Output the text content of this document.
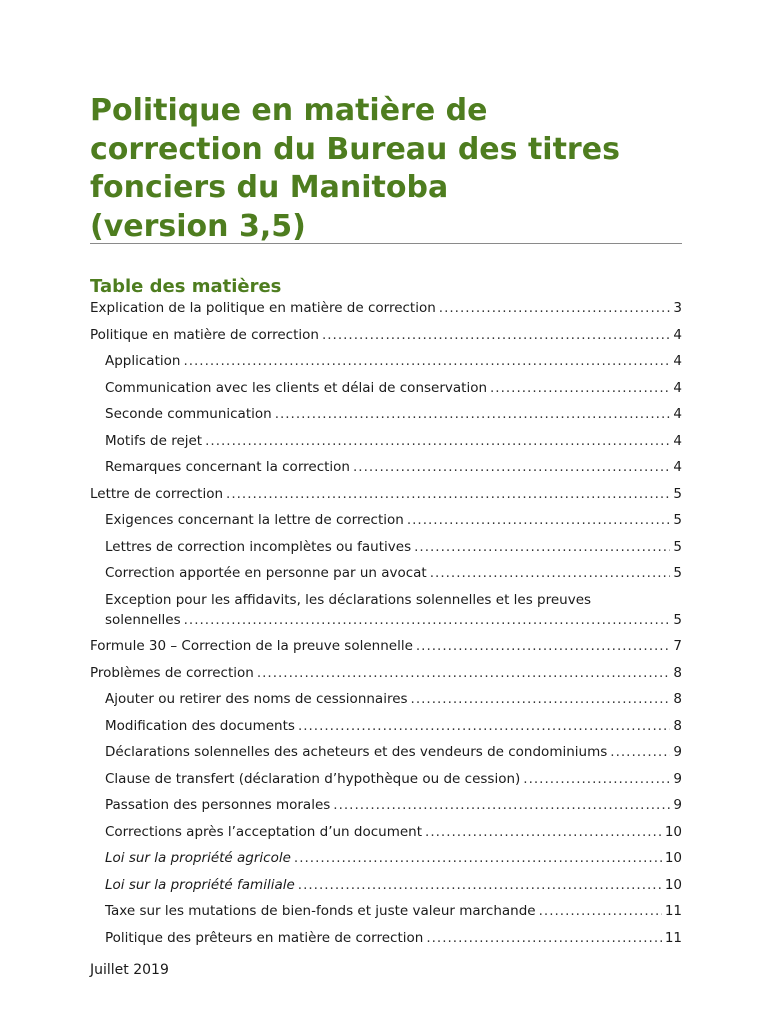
Politique en matière de
correction du Bureau des titres
fonciers du Manitoba
(version 3,5)
Table des matières
Explication de la politique en matière de correction .....	3
Politique en matière de correction .....	4
Application .....	4
Communication avec les clients et délai de conservation .....	4
Seconde communication .....	4
Motifs de rejet .....	4
Remarques concernant la correction .....	4
Lettre de correction .....	5
Exigences concernant la lettre de correction .....	5
Lettres de correction incomplètes ou fautives .....	5
Correction apportée en personne par un avocat .....	5
Exception pour les affidavits, les déclarations solennelles et les preuves
solennelles .....	5
Formule 30 – Correction de la preuve solennelle .....	7
Problèmes de correction .....	8
Ajouter ou retirer des noms de cessionnaires .....	8
Modification des documents .....	8
Déclarations solennelles des acheteurs et des vendeurs de condominiums .....	9
Clause de transfert (déclaration d’hypothèque ou de cession) .....	9
Passation des personnes morales .....	9
Corrections après l’acceptation d’un document .....	10
Loi sur la propriété agricole .....	10
Loi sur la propriété familiale .....	10
Taxe sur les mutations de bien-fonds et juste valeur marchande .....	11
Politique des prêteurs en matière de correction .....	11
Juillet 2019
